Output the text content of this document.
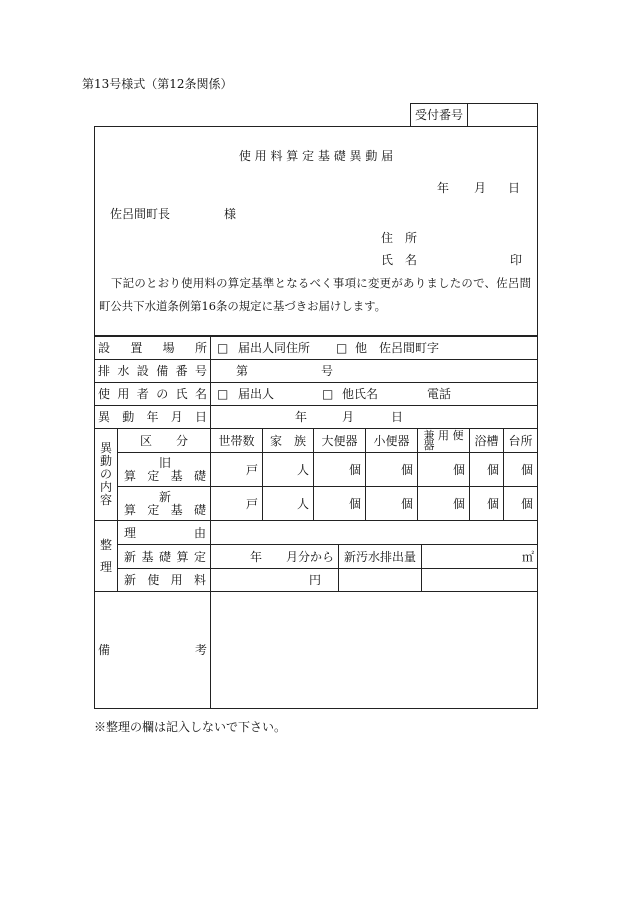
第13号様式（第12条関係）
受付番号
使 用 料 算 定 基 礎 異 動 届
年 月 日
佐呂間町長	様
住　所
氏　名	印
下記のとおり使用料の算定基準となるべく事項に変更がありましたので、佐呂間
町公共下水道条例第16条の規定に基づきお届けします。
設 置 場 所 □ 届出人同住所 □ 他　佐呂間町字
排 水 設 備 番 号 第	号
使 用 者 の 氏 名 □ 届出人	□ 他氏名	電話
異 動 年 月 日	年	月	日
異動の内容
区　　分	世帯数	家　族	大便器	小便器	兼用便器	浴槽 台所
旧
算 定 基 礎	戸	人	個	個	個	個	個
新
算 定 基 礎	戸	人	個	個	個	個	個
整理
理　　　由
新 基 礎 算 定	年　　月分から 新汚水排出量	㎡
新 使 用 料	円
備　　　　考
※整理の欄は記入しないで下さい。
